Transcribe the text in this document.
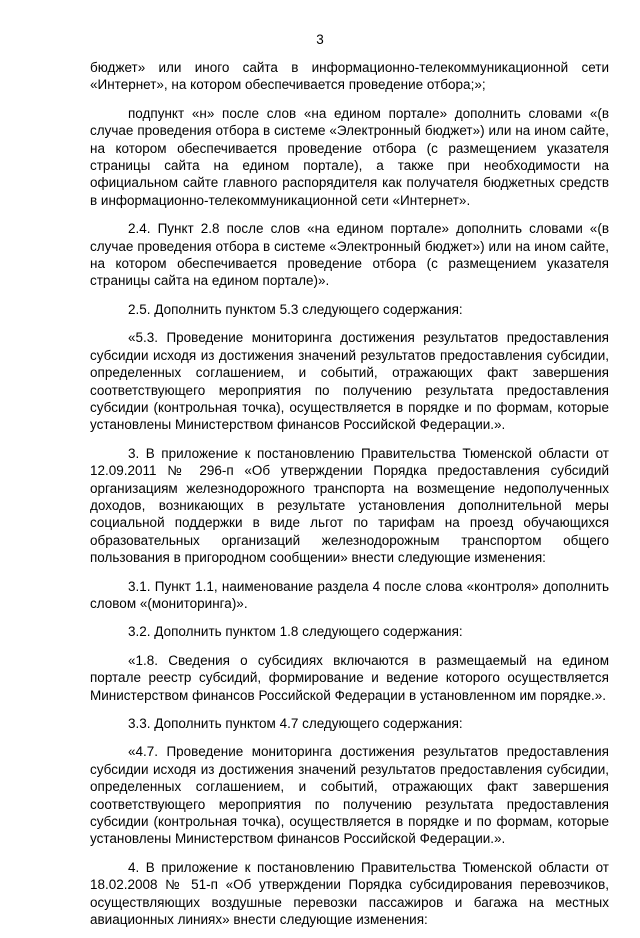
3

бюджет» или иного сайта в информационно-телекоммуникационной сети «Интернет», на котором обеспечивается проведение отбора;»;

подпункт «н» после слов «на едином портале» дополнить словами «(в случае проведения отбора в системе «Электронный бюджет») или на ином сайте, на котором обеспечивается проведение отбора (с размещением указателя страницы сайта на едином портале), а также при необходимости на официальном сайте главного распорядителя как получателя бюджетных средств в информационно-телекоммуникационной сети «Интернет».

2.4. Пункт 2.8 после слов «на едином портале» дополнить словами «(в случае проведения отбора в системе «Электронный бюджет») или на ином сайте, на котором обеспечивается проведение отбора (с размещением указателя страницы сайта на едином портале)».

2.5. Дополнить пунктом 5.3 следующего содержания:

«5.3. Проведение мониторинга достижения результатов предоставления субсидии исходя из достижения значений результатов предоставления субсидии, определенных соглашением, и событий, отражающих факт завершения соответствующего мероприятия по получению результата предоставления субсидии (контрольная точка), осуществляется в порядке и по формам, которые установлены Министерством финансов Российской Федерации.».

3. В приложение к постановлению Правительства Тюменской области от 12.09.2011 № 296-п «Об утверждении Порядка предоставления субсидий организациям железнодорожного транспорта на возмещение недополученных доходов, возникающих в результате установления дополнительной меры социальной поддержки в виде льгот по тарифам на проезд обучающихся образовательных организаций железнодорожным транспортом общего пользования в пригородном сообщении» внести следующие изменения:

3.1. Пункт 1.1, наименование раздела 4 после слова «контроля» дополнить словом «(мониторинга)».

3.2. Дополнить пунктом 1.8 следующего содержания:

«1.8. Сведения о субсидиях включаются в размещаемый на едином портале реестр субсидий, формирование и ведение которого осуществляется Министерством финансов Российской Федерации в установленном им порядке.».

3.3. Дополнить пунктом 4.7 следующего содержания:

«4.7. Проведение мониторинга достижения результатов предоставления субсидии исходя из достижения значений результатов предоставления субсидии, определенных соглашением, и событий, отражающих факт завершения соответствующего мероприятия по получению результата предоставления субсидии (контрольная точка), осуществляется в порядке и по формам, которые установлены Министерством финансов Российской Федерации.».

4. В приложение к постановлению Правительства Тюменской области от 18.02.2008 № 51-п «Об утверждении Порядка субсидирования перевозчиков, осуществляющих воздушные перевозки пассажиров и багажа на местных авиационных линиях» внести следующие изменения:
